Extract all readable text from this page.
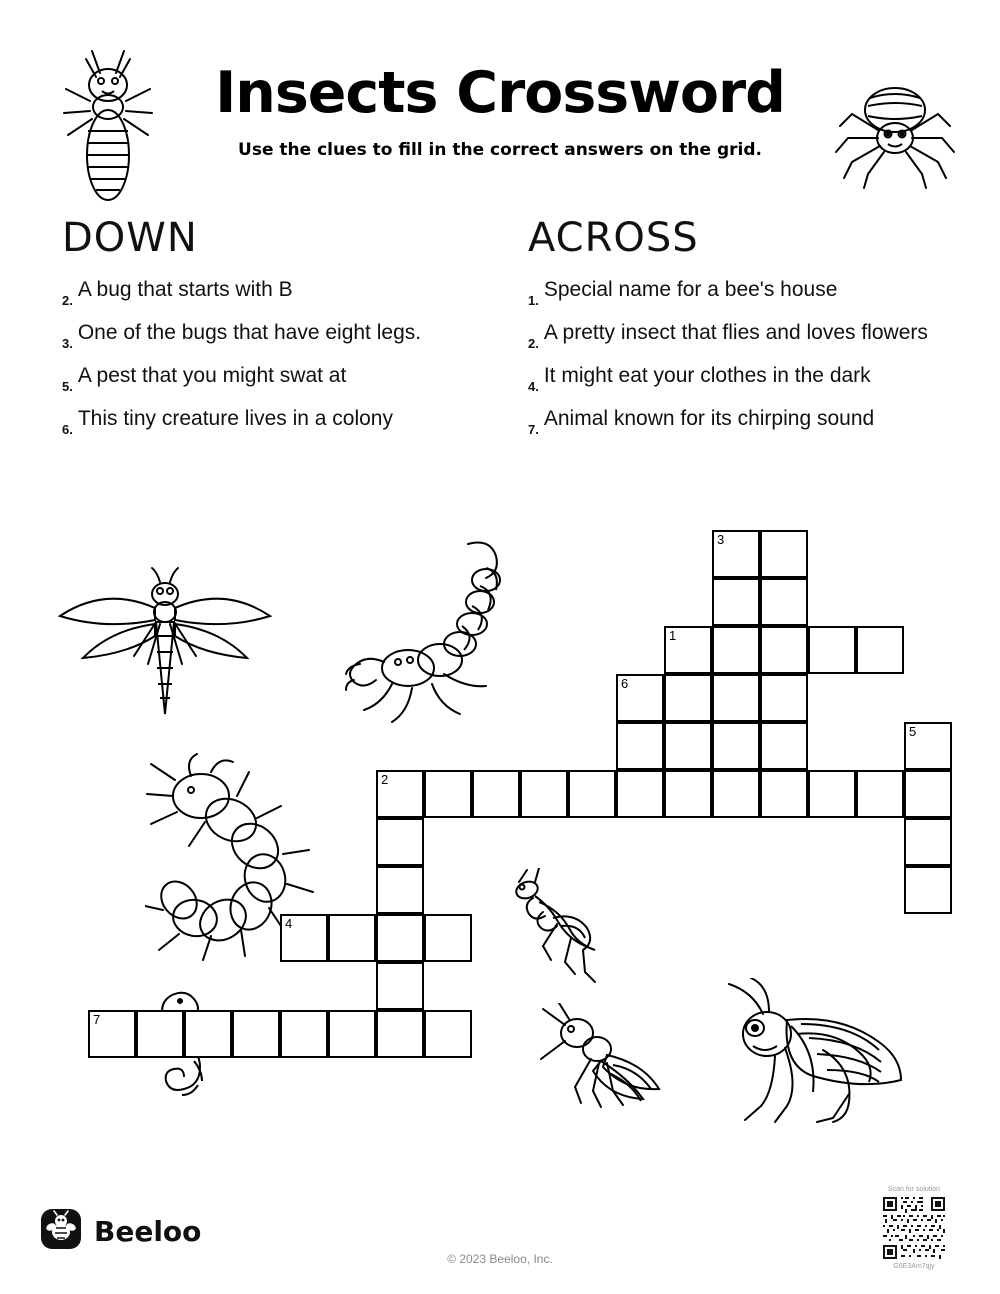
Insects Crossword
Use the clues to fill in the correct answers on the grid.
DOWN
2. A bug that starts with B
3. One of the bugs that have eight legs.
5. A pest that you might swat at
6. This tiny creature lives in a colony
ACROSS
1. Special name for a bee's house
2. A pretty insect that flies and loves flowers
4. It might eat your clothes in the dark
7. Animal known for its chirping sound
3
1
6
5
2
4
7
Beeloo
© 2023 Beeloo, Inc.
Scan for solution
G6E3Am7qjy
